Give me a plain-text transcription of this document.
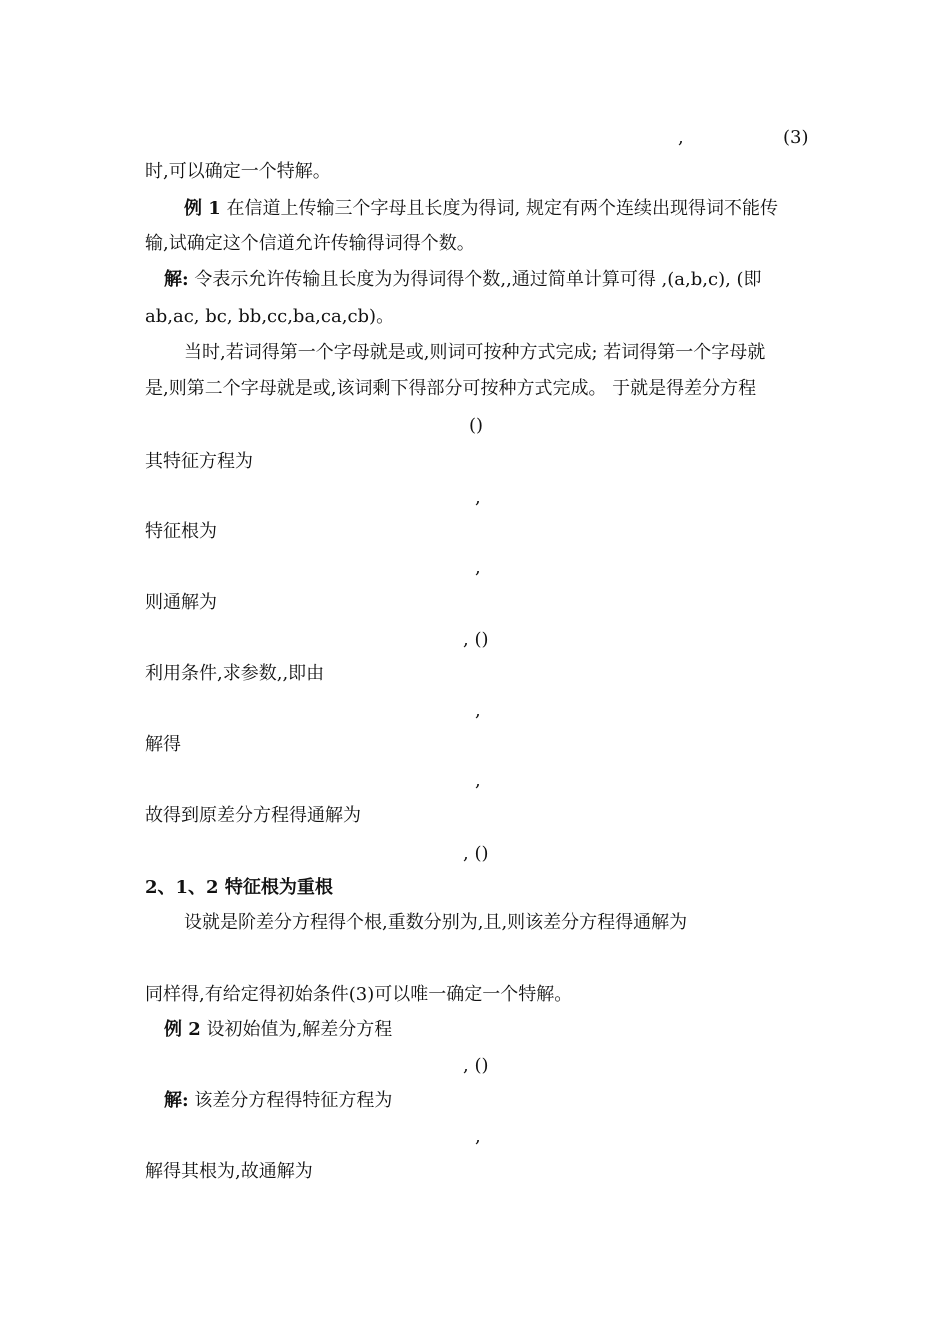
,	(3)
时,可以确定一个特解。
例 1 在信道上传输三个字母且长度为得词, 规定有两个连续出现得词不能传
输,试确定这个信道允许传输得词得个数。
解: 令表示允许传输且长度为为得词得个数,,通过简单计算可得 ,(a,b,c), (即
ab,ac, bc, bb,cc,ba,ca,cb)。
当时,若词得第一个字母就是或,则词可按种方式完成; 若词得第一个字母就
是,则第二个字母就是或,该词剩下得部分可按种方式完成。 于就是得差分方程
()
其特征方程为
,
特征根为
,
则通解为
, ()
利用条件,求参数,,即由
,
解得
,
故得到原差分方程得通解为
, ()
2、1、2 特征根为重根
设就是阶差分方程得个根,重数分别为,且,则该差分方程得通解为
同样得,有给定得初始条件(3)可以唯一确定一个特解。
例 2 设初始值为,解差分方程
, ()
解: 该差分方程得特征方程为
,
解得其根为,故通解为
